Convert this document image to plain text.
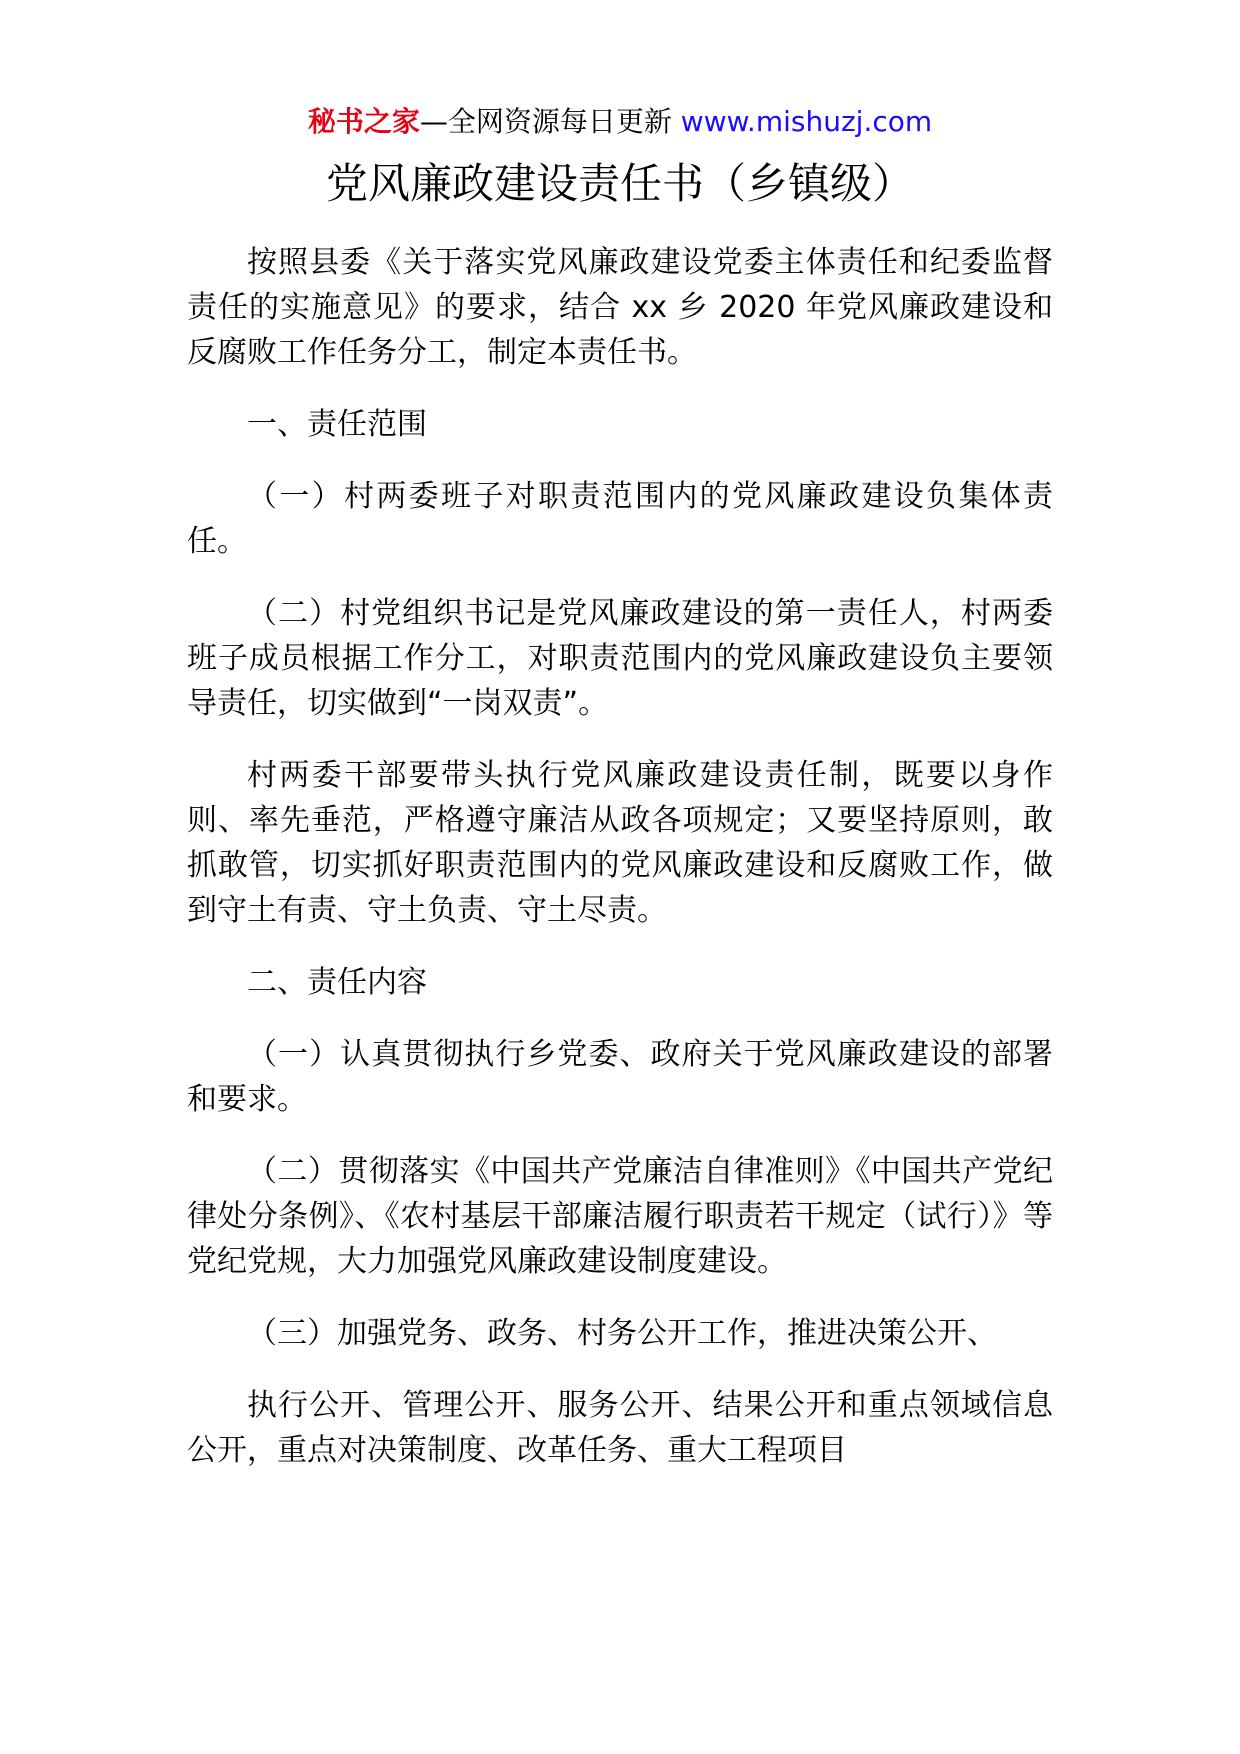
秘书之家—全网资源每日更新 www.mishuzj.com
党风廉政建设责任书（乡镇级）

按照县委《关于落实党风廉政建设党委主体责任和纪委监督责任的实施意见》的要求，结合 xx 乡 2020 年党风廉政建设和反腐败工作任务分工，制定本责任书。

一、责任范围

（一）村两委班子对职责范围内的党风廉政建设负集体责任。

（二）村党组织书记是党风廉政建设的第一责任人，村两委班子成员根据工作分工，对职责范围内的党风廉政建设负主要领导责任，切实做到“一岗双责”。

村两委干部要带头执行党风廉政建设责任制，既要以身作则、率先垂范，严格遵守廉洁从政各项规定；又要坚持原则，敢抓敢管，切实抓好职责范围内的党风廉政建设和反腐败工作，做到守土有责、守土负责、守土尽责。

二、责任内容

（一）认真贯彻执行乡党委、政府关于党风廉政建设的部署和要求。

（二）贯彻落实《中国共产党廉洁自律准则》《中国共产党纪律处分条例》、《农村基层干部廉洁履行职责若干规定（试行）》等党纪党规，大力加强党风廉政建设制度建设。

（三）加强党务、政务、村务公开工作，推进决策公开、

执行公开、管理公开、服务公开、结果公开和重点领域信息公开，重点对决策制度、改革任务、重大工程项目
